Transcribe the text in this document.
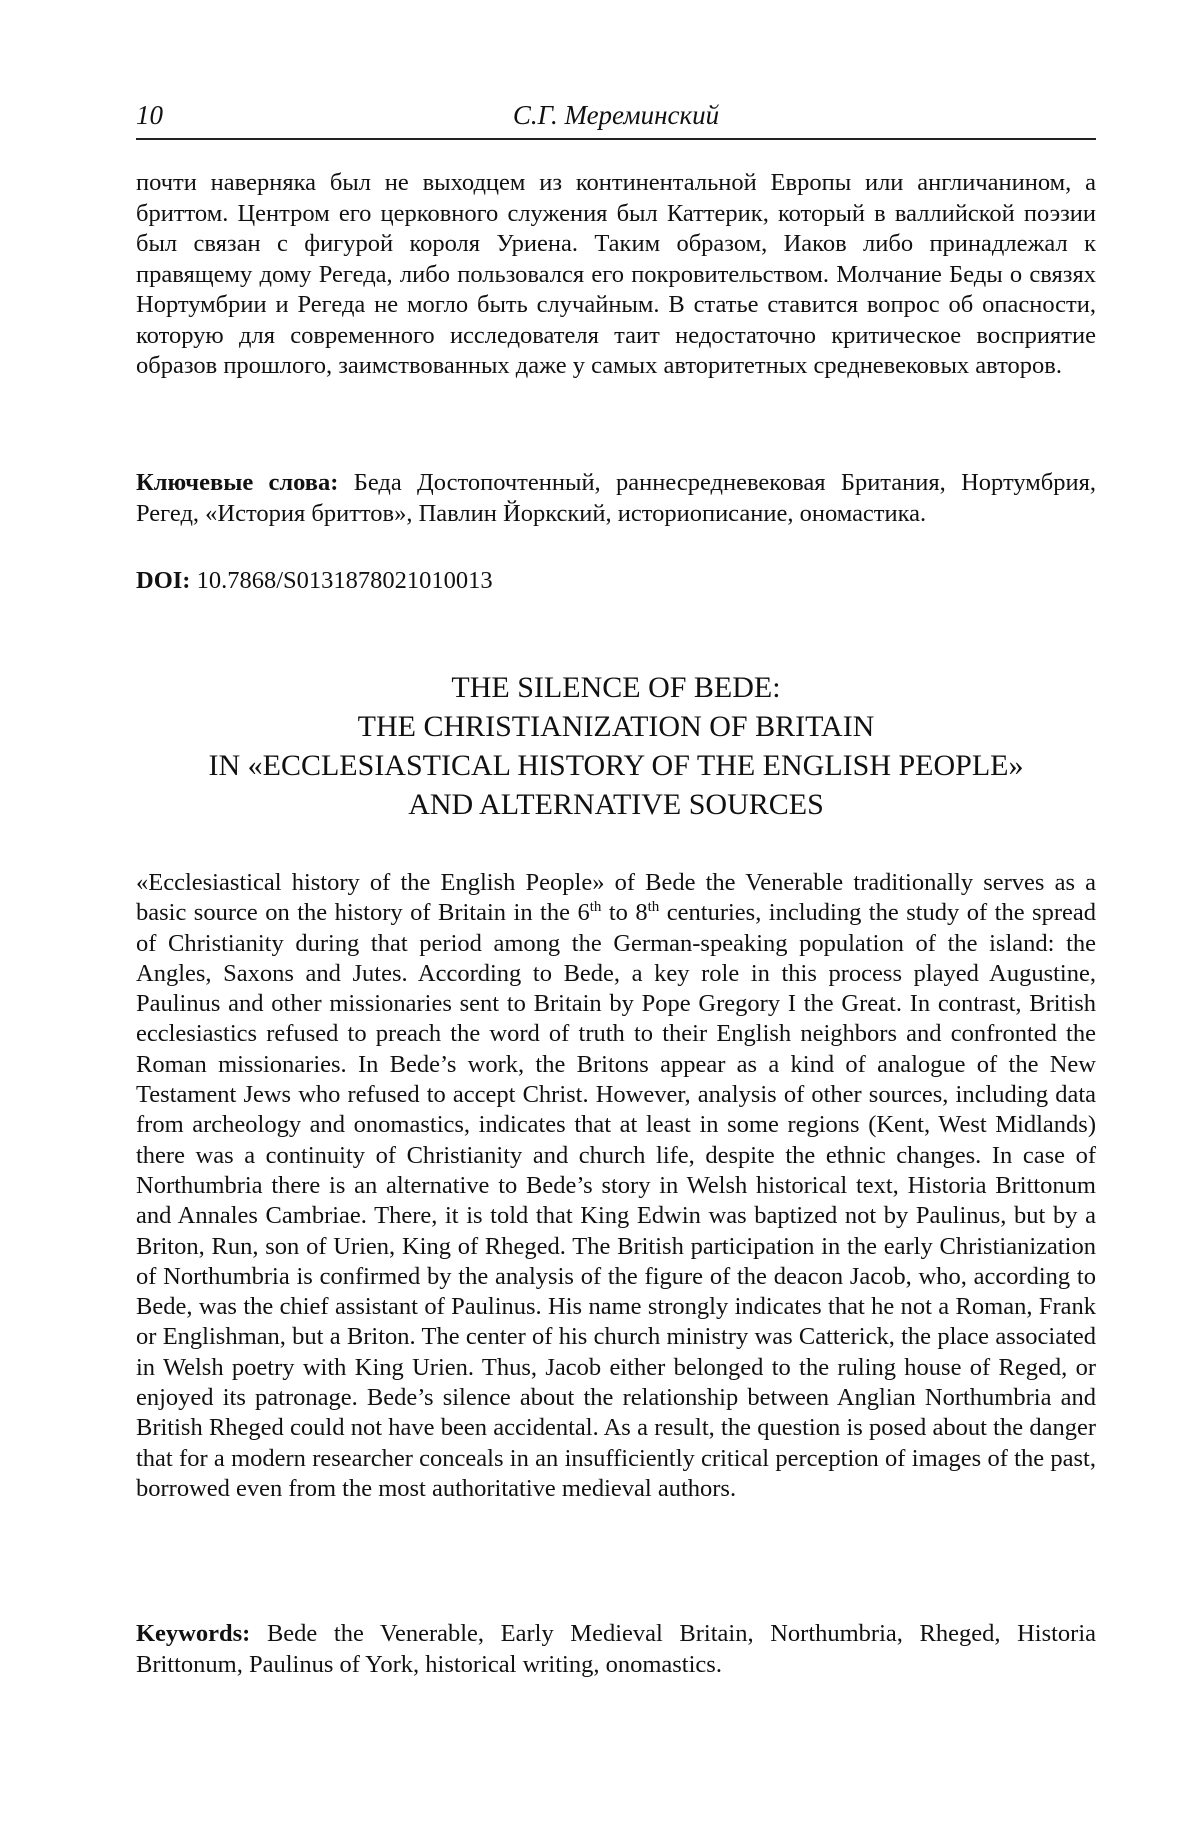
10	С.Г. Мереминский

почти наверняка был не выходцем из континентальной Европы или англичанином, а бриттом. Центром его церковного служения был Каттерик, который в валлийской поэзии был связан с фигурой короля Уриена. Таким образом, Иаков либо принадлежал к правящему дому Регеда, либо пользовался его покровительством. Молчание Беды о связях Нортумбрии и Регеда не могло быть случайным. В статье ставится вопрос об опасности, которую для современного исследователя таит недостаточно критическое восприятие образов прошлого, заимствованных даже у самых авторитетных средневековых авторов.

Ключевые слова: Беда Достопочтенный, раннесредневековая Британия, Нортумбрия, Регед, «История бриттов», Павлин Йоркский, историописание, ономастика.

DOI: 10.7868/S0131878021010013

THE SILENCE OF BEDE:
THE CHRISTIANIZATION OF BRITAIN
IN «ECCLESIASTICAL HISTORY OF THE ENGLISH PEOPLE»
AND ALTERNATIVE SOURCES

«Ecclesiastical history of the English People» of Bede the Venerable traditionally serves as a basic source on the history of Britain in the 6th to 8th centuries, including the study of the spread of Christianity during that period among the German-speaking population of the island: the Angles, Saxons and Jutes. According to Bede, a key role in this process played Augustine, Paulinus and other missionaries sent to Britain by Pope Gregory I the Great. In contrast, British ecclesiastics refused to preach the word of truth to their English neighbors and confronted the Roman missionaries. In Bede’s work, the Britons appear as a kind of analogue of the New Testament Jews who refused to accept Christ. However, analysis of other sources, including data from archeology and onomastics, indicates that at least in some regions (Kent, West Midlands) there was a continuity of Christianity and church life, despite the ethnic changes. In case of Northumbria there is an alternative to Bede’s story in Welsh historical text, Historia Brittonum and Annales Cambriae. There, it is told that King Edwin was baptized not by Paulinus, but by a Briton, Run, son of Urien, King of Rheged. The British participation in the early Christianization of Northumbria is confirmed by the analysis of the figure of the deacon Jacob, who, according to Bede, was the chief assistant of Paulinus. His name strongly indicates that he not a Roman, Frank or Englishman, but a Briton. The center of his church ministry was Catterick, the place associated in Welsh poetry with King Urien. Thus, Jacob either belonged to the ruling house of Reged, or enjoyed its patronage. Bede’s silence about the relationship between Anglian Northumbria and British Rheged could not have been accidental. As a result, the question is posed about the danger that for a modern researcher conceals in an insufficiently critical perception of images of the past, borrowed even from the most authoritative medieval authors.

Keywords: Bede the Venerable, Early Medieval Britain, Northumbria, Rheged, Historia Brittonum, Paulinus of York, historical writing, onomastics.
